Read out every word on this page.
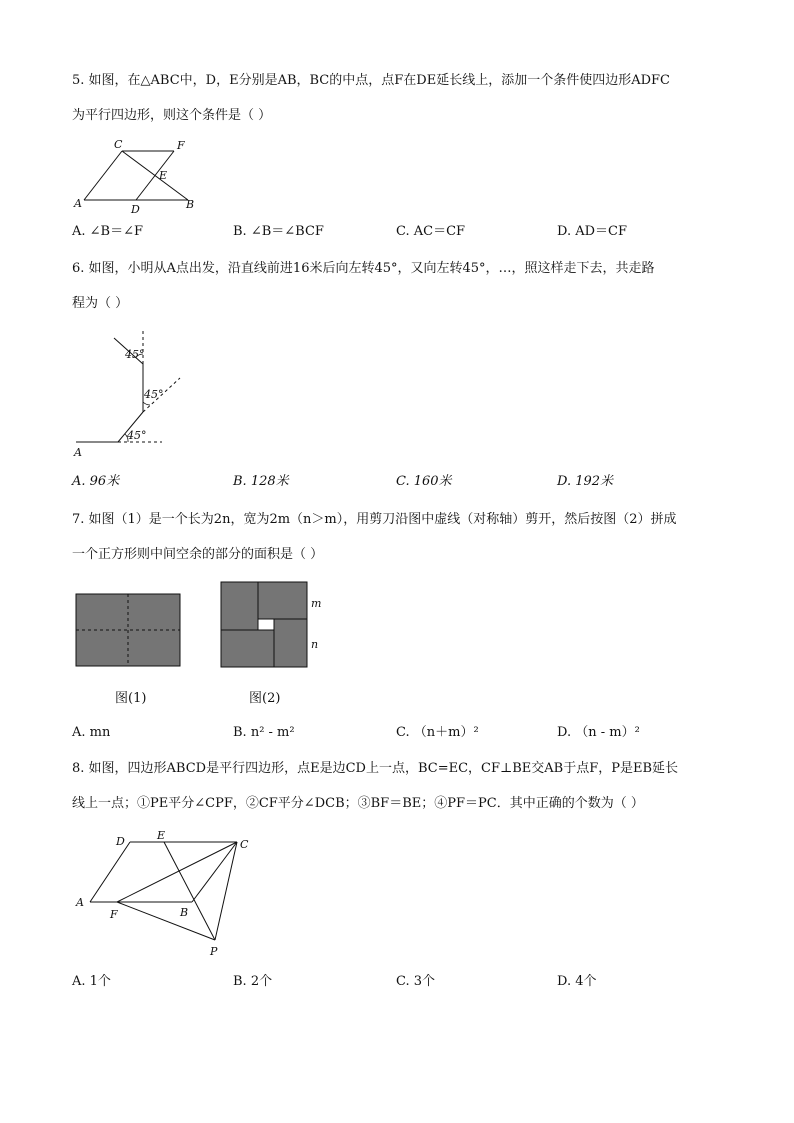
5. 如图，在△ABC中，D，E分别是AB，BC的中点，点F在DE延长线上，添加一个条件使四边形ADFC
为平行四边形，则这个条件是（ ）
C	F
E
A	D	B
A. ∠B＝∠F	B. ∠B＝∠BCF	C. AC＝CF	D. AD＝CF
6. 如图，小明从A点出发，沿直线前进16米后向左转45°，又向左转45°，…，照这样走下去，共走路
程为（ ）
45°
45°
45°
A
A. 96米	B. 128米	C. 160米	D. 192米
7. 如图（1）是一个长为2n，宽为2m（n＞m），用剪刀沿图中虚线（对称轴）剪开，然后按图（2）拼成
一个正方形则中间空余的部分的面积是（ ）
图(1)
m
n
图(2)
A. mn	B. n² - m²	C. （n＋m）²	D. （n - m）²
8. 如图，四边形ABCD是平行四边形，点E是边CD上一点，BC=EC，CF⊥BE交AB于点F，P是EB延长
线上一点；①PE平分∠CPF，②CF平分∠DCB；③BF＝BE；④PF＝PC．其中正确的个数为（ ）
D	E
C
A
F	B
P
A. 1个	B. 2个	C. 3个	D. 4个
